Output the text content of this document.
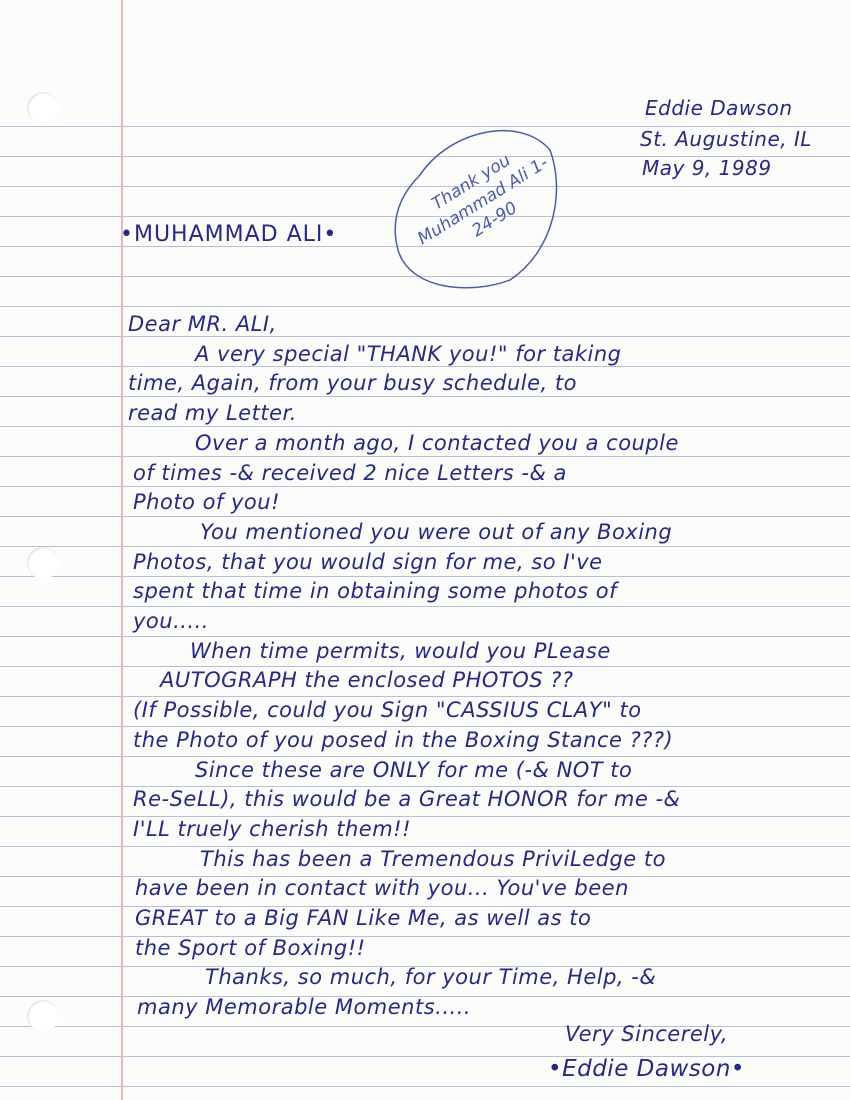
Eddie Dawson
St. Augustine, IL
May 9, 1989
•MUHAMMAD ALI•
Thank you Muhammad Ali 1-24-90
Dear MR. ALI,
A very special "THANK you!" for taking
time, Again, from your busy schedule, to
read my Letter.
Over a month ago, I contacted you a couple
of times -& received 2 nice Letters -& a
Photo of you!
You mentioned you were out of any Boxing
Photos, that you would sign for me, so I've
spent that time in obtaining some photos of
you.....
When time permits, would you PLease
AUTOGRAPH the enclosed PHOTOS ??
(If Possible, could you Sign "CASSIUS CLAY" to
the Photo of you posed in the Boxing Stance ???)
Since these are ONLY for me (-& NOT to
Re-SeLL), this would be a Great HONOR for me -&
I'LL truely cherish them!!
This has been a Tremendous PriviLedge to
have been in contact with you... You've been
GREAT to a Big FAN Like Me, as well as to
the Sport of Boxing!!
Thanks, so much, for your Time, Help, -&
many Memorable Moments.....
Very Sincerely,
•Eddie Dawson•
